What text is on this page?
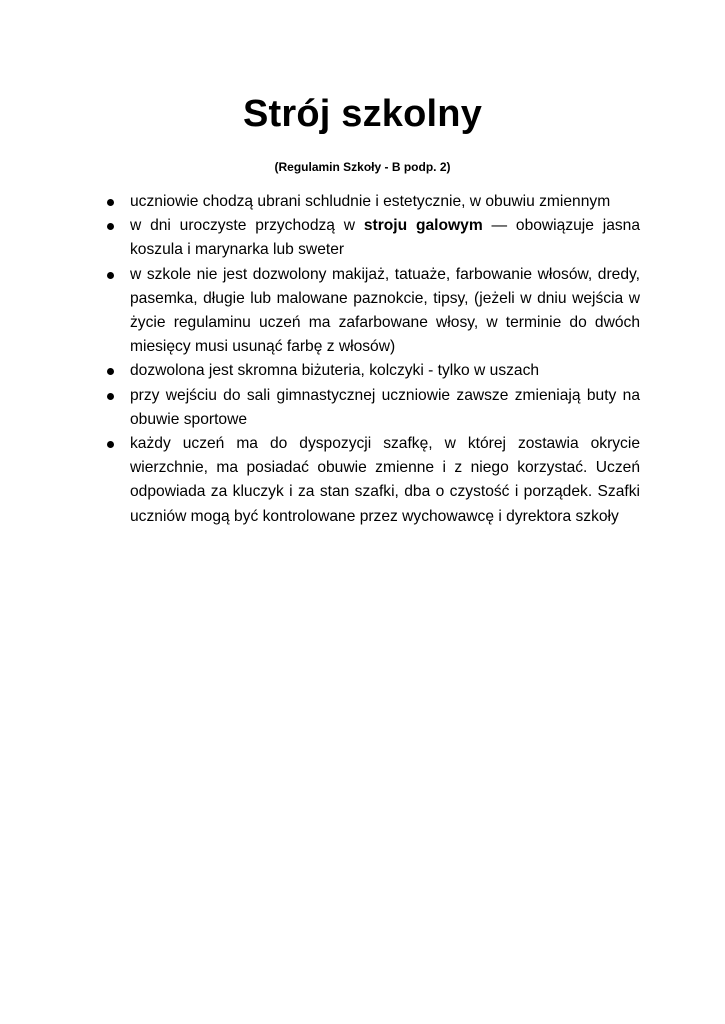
Strój szkolny
(Regulamin Szkoły - B podp. 2)
uczniowie chodzą ubrani schludnie i estetycznie, w obuwiu zmiennym
w dni uroczyste przychodzą w stroju galowym — obowiązuje jasna koszula i marynarka lub sweter
w szkole nie jest dozwolony makijaż, tatuaże, farbowanie włosów, dredy, pasemka, długie lub malowane paznokcie, tipsy, (jeżeli w dniu wejścia w życie regulaminu uczeń ma zafarbowane włosy, w terminie do dwóch miesięcy musi usunąć farbę z włosów)
dozwolona jest skromna biżuteria, kolczyki - tylko w uszach
przy wejściu do sali gimnastycznej uczniowie zawsze zmieniają buty na obuwie sportowe
każdy uczeń ma do dyspozycji szafkę, w której zostawia okrycie wierzchnie, ma posiadać obuwie zmienne i z niego korzystać. Uczeń odpowiada za kluczyk i za stan szafki, dba o czystość i porządek. Szafki uczniów mogą być kontrolowane przez wychowawcę i dyrektora szkoły
